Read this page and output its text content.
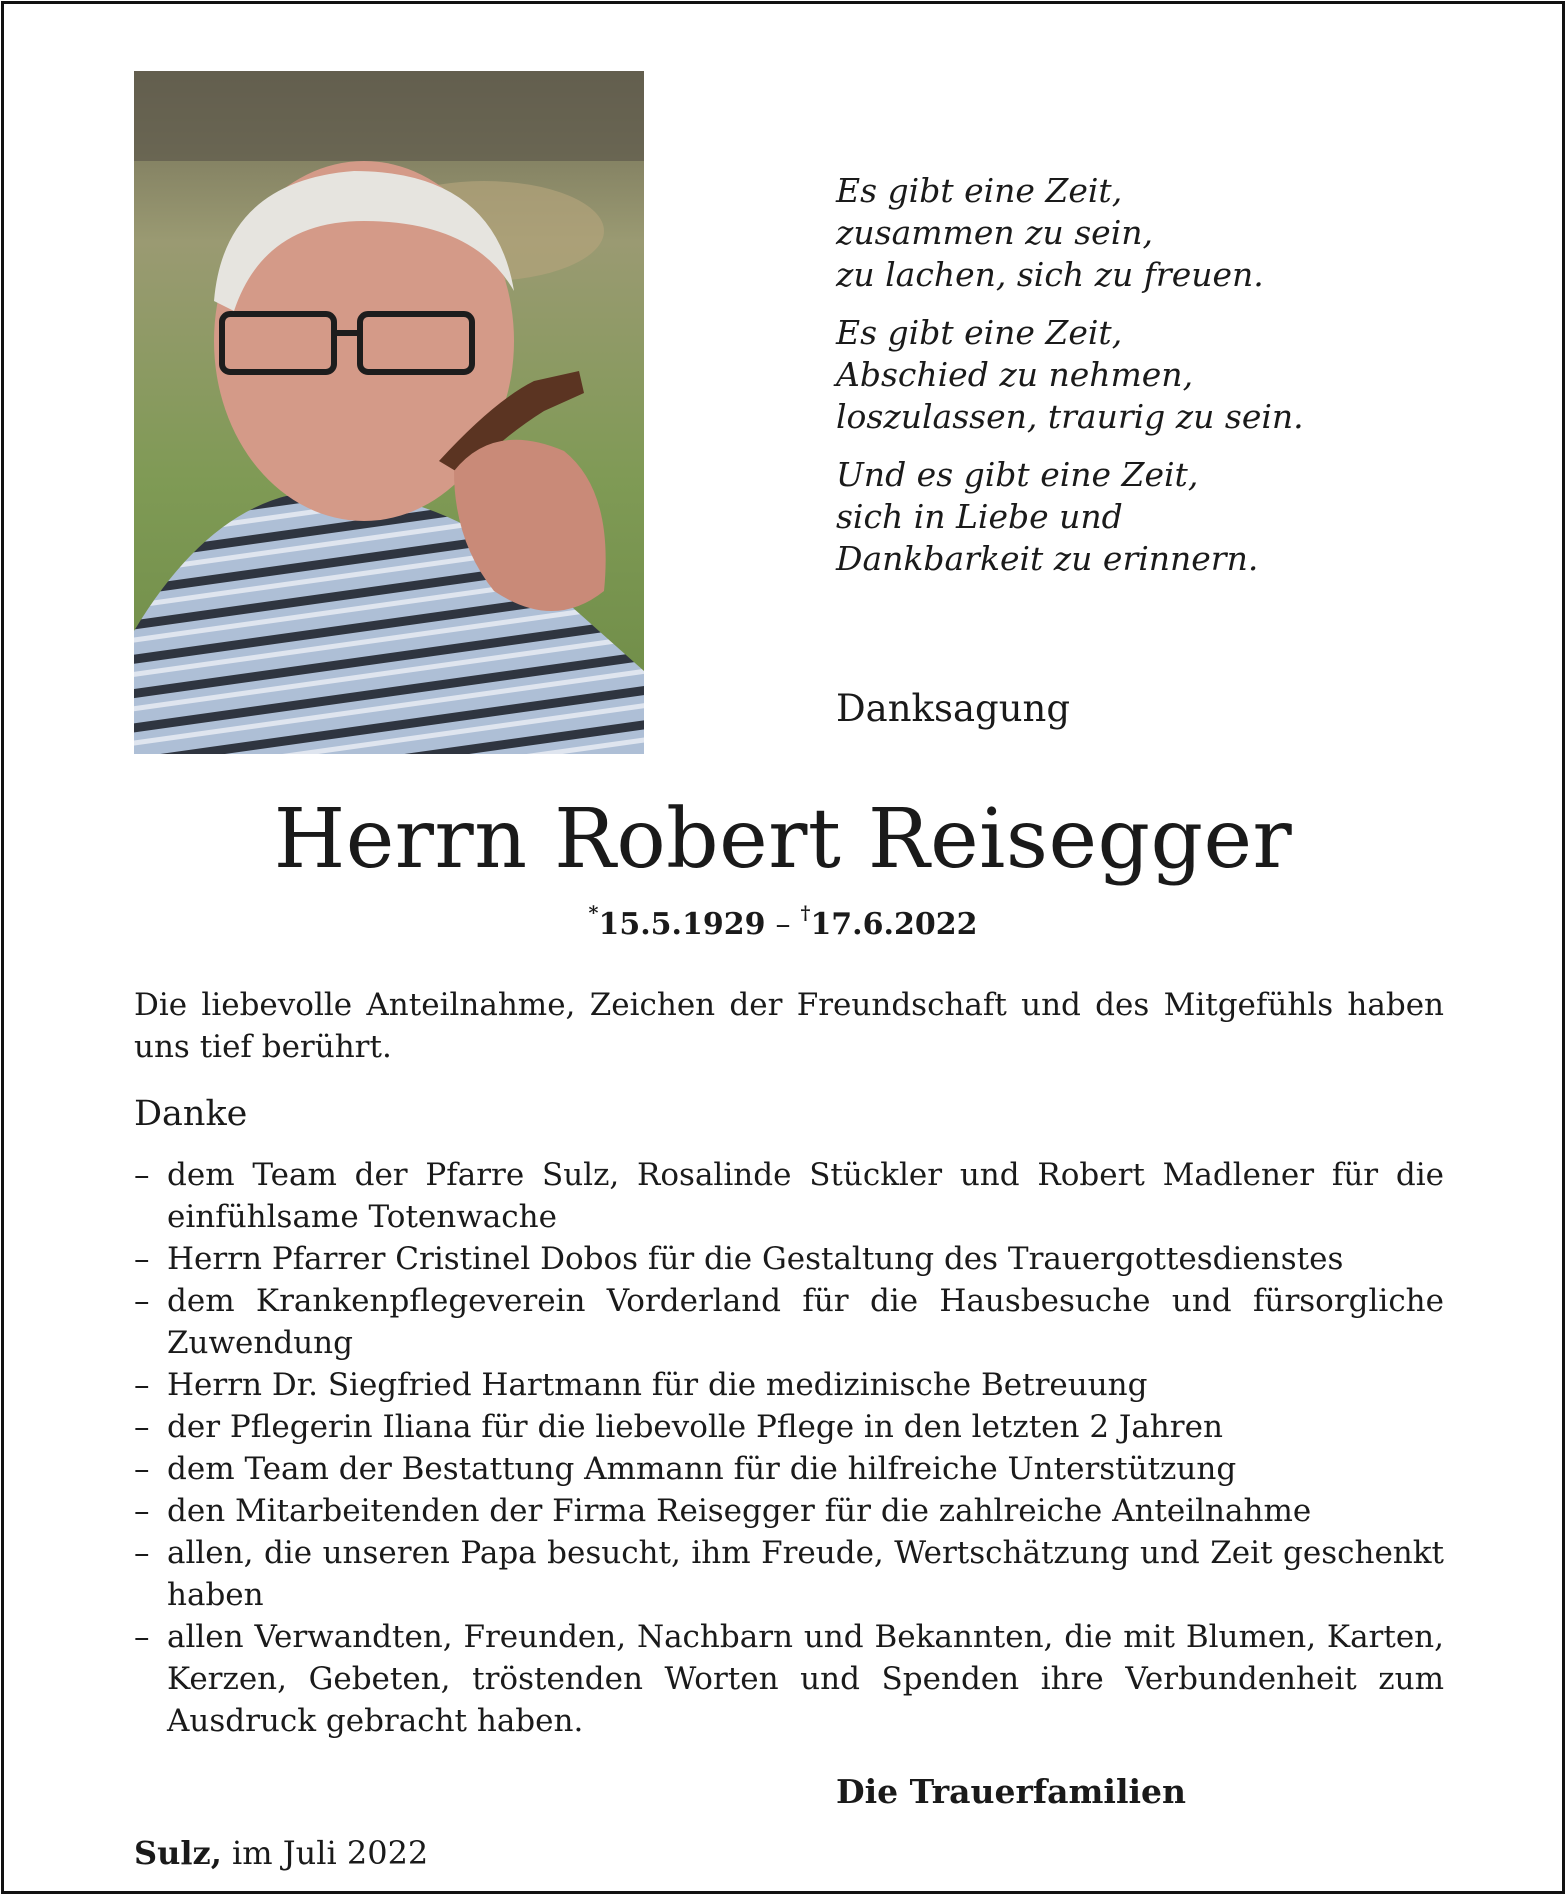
Es gibt eine Zeit,
zusammen zu sein,
zu lachen, sich zu freuen.
Es gibt eine Zeit,
Abschied zu nehmen,
loszulassen, traurig zu sein.
Und es gibt eine Zeit,
sich in Liebe und
Dankbarkeit zu erinnern.
Danksagung
Herrn Robert Reisegger
*15.5.1929 – †17.6.2022
Die liebevolle Anteilnahme, Zeichen der Freundschaft und des Mitgefühls haben uns tief berührt.
Danke
– dem Team der Pfarre Sulz, Rosalinde Stückler und Robert Madlener für die einfühlsame Totenwache
– Herrn Pfarrer Cristinel Dobos für die Gestaltung des Trauergottesdienstes
– dem Krankenpflegeverein Vorderland für die Hausbesuche und fürsorgliche Zuwendung
– Herrn Dr. Siegfried Hartmann für die medizinische Betreuung
– der Pflegerin Iliana für die liebevolle Pflege in den letzten 2 Jahren
– dem Team der Bestattung Ammann für die hilfreiche Unterstützung
– den Mitarbeitenden der Firma Reisegger für die zahlreiche Anteilnahme
– allen, die unseren Papa besucht, ihm Freude, Wertschätzung und Zeit geschenkt haben
– allen Verwandten, Freunden, Nachbarn und Bekannten, die mit Blumen, Karten, Kerzen, Gebeten, tröstenden Worten und Spenden ihre Verbundenheit zum Ausdruck gebracht haben.
Die Trauerfamilien
Sulz, im Juli 2022
